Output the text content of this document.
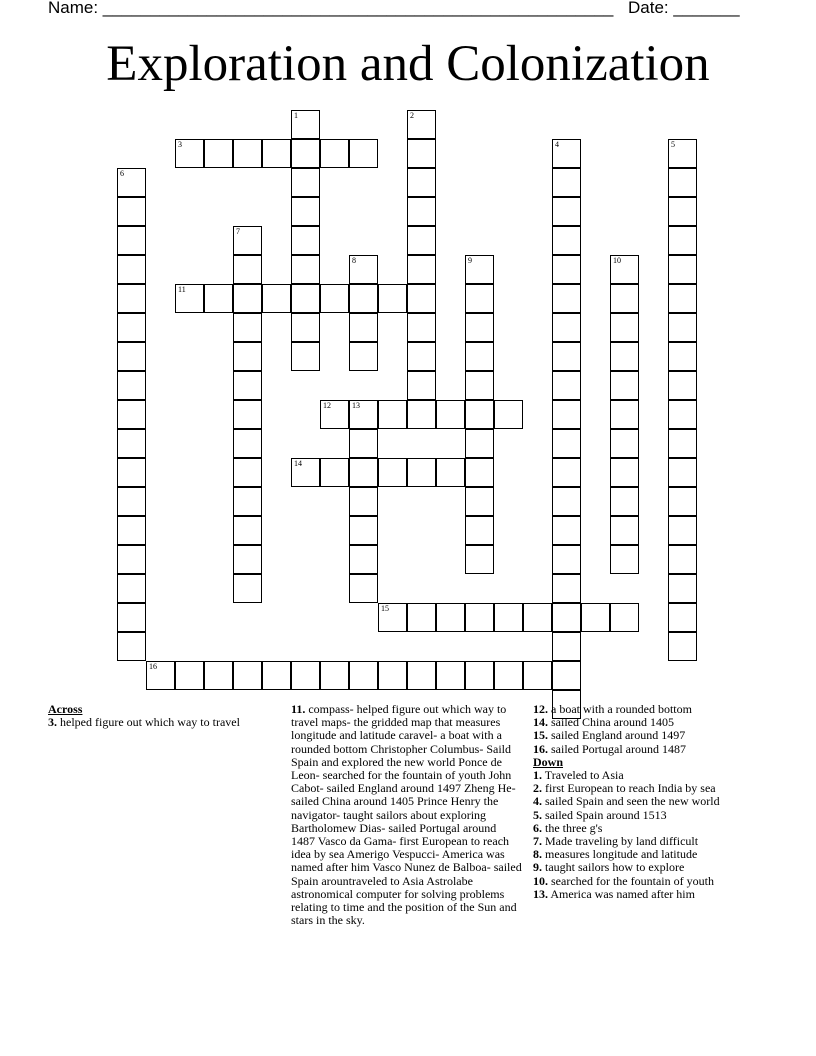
Name: ______________________________________________________ Date: _______
Exploration and Colonization
1	2
3	4	5
6
7
8	9	10
11
12	13
14
15
16
Across
3. helped figure out which way to travel
11. compass- helped figure out which way to travel maps- the gridded map that measures longitude and latitude caravel- a boat with a rounded bottom Christopher Columbus- Saild Spain and explored the new world Ponce de Leon- searched for the fountain of youth John Cabot- sailed England around 1497 Zheng He- sailed China around 1405 Prince Henry the navigator- taught sailors about exploring Bartholomew Dias- sailed Portugal around 1487 Vasco da Gama- first European to reach idea by sea Amerigo Vespucci- America was named after him Vasco Nunez de Balboa- sailed Spain arountraveled to Asia Astrolabe astronomical computer for solving problems relating to time and the position of the Sun and stars in the sky.
12. a boat with a rounded bottom
14. sailed China around 1405
15. sailed England around 1497
16. sailed Portugal around 1487
Down
1. Traveled to Asia
2. first European to reach India by sea
4. sailed Spain and seen the new world
5. sailed Spain around 1513
6. the three g's
7. Made traveling by land difficult
8. measures longitude and latitude
9. taught sailors how to explore
10. searched for the fountain of youth
13. America was named after him
